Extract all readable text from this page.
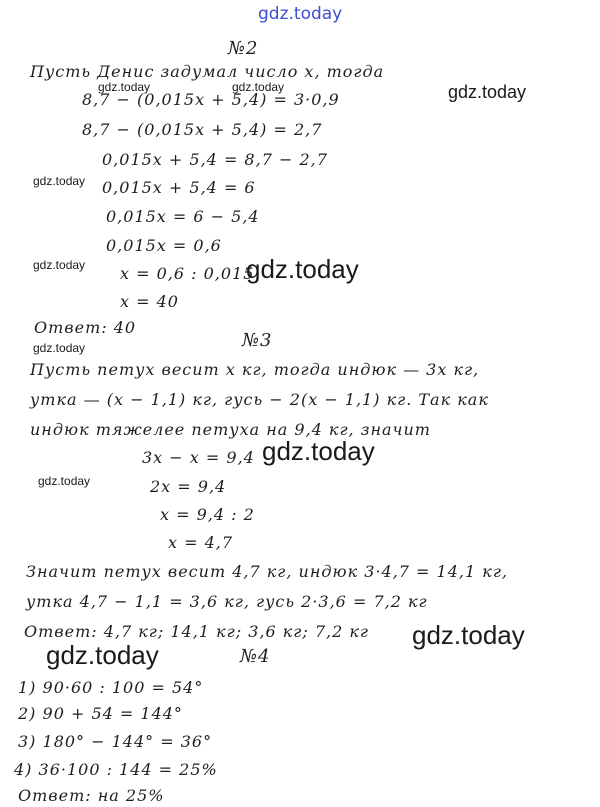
gdz.today
gdz.today	gdz.today	gdz.today
gdz.today
gdz.today	gdz.today
gdz.today
gdz.today
gdz.today
gdz.today
gdz.today
№2
Пусть Денис задумал число x, тогда
8,7 − (0,015x + 5,4) = 3·0,9
8,7 − (0,015x + 5,4) = 2,7
0,015x + 5,4 = 8,7 − 2,7
0,015x + 5,4 = 6
0,015x = 6 − 5,4
0,015x = 0,6
x = 0,6 : 0,015
x = 40
Ответ: 40
№3
Пусть петух весит x кг, тогда индюк — 3x кг,
утка — (x − 1,1) кг, гусь − 2(x − 1,1) кг. Так как
индюк тяжелее петуха на 9,4 кг, значит
3x − x = 9,4
2x = 9,4
x = 9,4 : 2
x = 4,7
Значит петух весит 4,7 кг, индюк 3·4,7 = 14,1 кг,
утка 4,7 − 1,1 = 3,6 кг, гусь 2·3,6 = 7,2 кг
Ответ: 4,7 кг; 14,1 кг; 3,6 кг; 7,2 кг
№4
1) 90·60 : 100 = 54°
2) 90 + 54 = 144°
3) 180° − 144° = 36°
4) 36·100 : 144 = 25%
Ответ: на 25%
